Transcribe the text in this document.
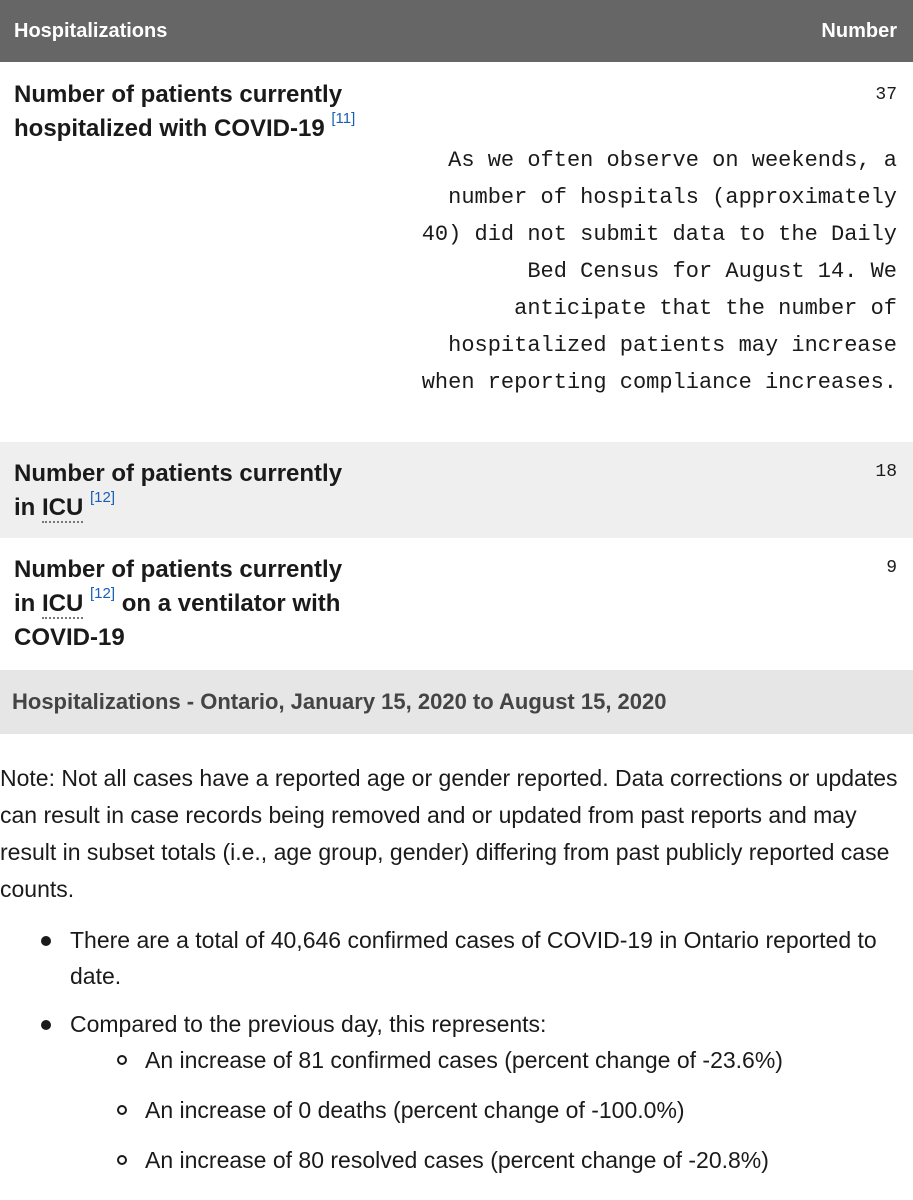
Hospitalizations	Number
Number of patients currently
hospitalized with COVID-19 [11]
37
As we often observe on weekends, a
number of hospitals (approximately
40) did not submit data to the Daily
Bed Census for August 14. We
anticipate that the number of
hospitalized patients may increase
when reporting compliance increases.
Number of patients currently
in ICU [12]
18
Number of patients currently
in ICU [12] on a ventilator with
COVID-19
9
Hospitalizations - Ontario, January 15, 2020 to August 15, 2020

Note: Not all cases have a reported age or gender reported. Data corrections or updates can result in case records being removed and or updated from past reports and may result in subset totals (i.e., age group, gender) differing from past publicly reported case counts.

There are a total of 40,646 confirmed cases of COVID-19 in Ontario reported to date.
Compared to the previous day, this represents:
An increase of 81 confirmed cases (percent change of -23.6%)
An increase of 0 deaths (percent change of -100.0%)
An increase of 80 resolved cases (percent change of -20.8%)
